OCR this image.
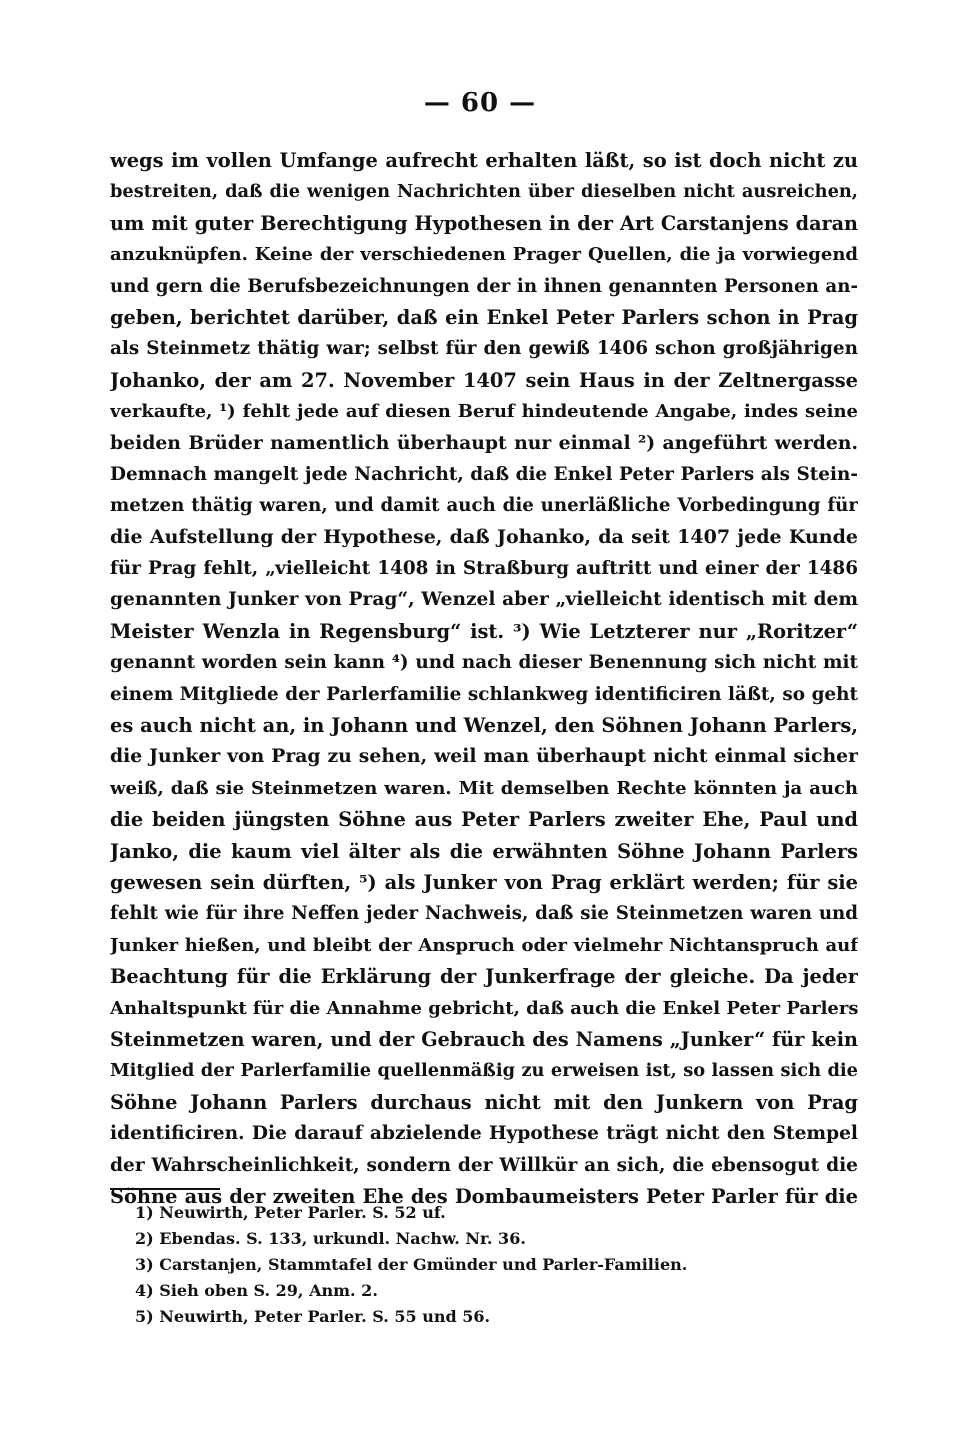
— 60 —
wegs im vollen Umfange aufrecht erhalten läßt, so ist doch nicht zu
bestreiten, daß die wenigen Nachrichten über dieselben nicht ausreichen,
um mit guter Berechtigung Hypothesen in der Art Carstanjens daran
anzuknüpfen. Keine der verschiedenen Prager Quellen, die ja vorwiegend
und gern die Berufsbezeichnungen der in ihnen genannten Personen an-
geben, berichtet darüber, daß ein Enkel Peter Parlers schon in Prag
als Steinmetz thätig war; selbst für den gewiß 1406 schon großjährigen
Johanko, der am 27. November 1407 sein Haus in der Zeltnergasse
verkaufte, ¹) fehlt jede auf diesen Beruf hindeutende Angabe, indes seine
beiden Brüder namentlich überhaupt nur einmal ²) angeführt werden.
Demnach mangelt jede Nachricht, daß die Enkel Peter Parlers als Stein-
metzen thätig waren, und damit auch die unerläßliche Vorbedingung für
die Aufstellung der Hypothese, daß Johanko, da seit 1407 jede Kunde
für Prag fehlt, „vielleicht 1408 in Straßburg auftritt und einer der 1486
genannten Junker von Prag“, Wenzel aber „vielleicht identisch mit dem
Meister Wenzla in Regensburg“ ist. ³) Wie Letzterer nur „Roritzer“
genannt worden sein kann ⁴) und nach dieser Benennung sich nicht mit
einem Mitgliede der Parlerfamilie schlankweg identificiren läßt, so geht
es auch nicht an, in Johann und Wenzel, den Söhnen Johann Parlers,
die Junker von Prag zu sehen, weil man überhaupt nicht einmal sicher
weiß, daß sie Steinmetzen waren. Mit demselben Rechte könnten ja auch
die beiden jüngsten Söhne aus Peter Parlers zweiter Ehe, Paul und
Janko, die kaum viel älter als die erwähnten Söhne Johann Parlers
gewesen sein dürften, ⁵) als Junker von Prag erklärt werden; für sie
fehlt wie für ihre Neffen jeder Nachweis, daß sie Steinmetzen waren und
Junker hießen, und bleibt der Anspruch oder vielmehr Nichtanspruch auf
Beachtung für die Erklärung der Junkerfrage der gleiche. Da jeder
Anhaltspunkt für die Annahme gebricht, daß auch die Enkel Peter Parlers
Steinmetzen waren, und der Gebrauch des Namens „Junker“ für kein
Mitglied der Parlerfamilie quellenmäßig zu erweisen ist, so lassen sich die
Söhne Johann Parlers durchaus nicht mit den Junkern von Prag
identificiren. Die darauf abzielende Hypothese trägt nicht den Stempel
der Wahrscheinlichkeit, sondern der Willkür an sich, die ebensogut die
Söhne aus der zweiten Ehe des Dombaumeisters Peter Parler für die
1) Neuwirth, Peter Parler. S. 52 uf.
2) Ebendas. S. 133, urkundl. Nachw. Nr. 36.
3) Carstanjen, Stammtafel der Gmünder und Parler-Familien.
4) Sieh oben S. 29, Anm. 2.
5) Neuwirth, Peter Parler. S. 55 und 56.
